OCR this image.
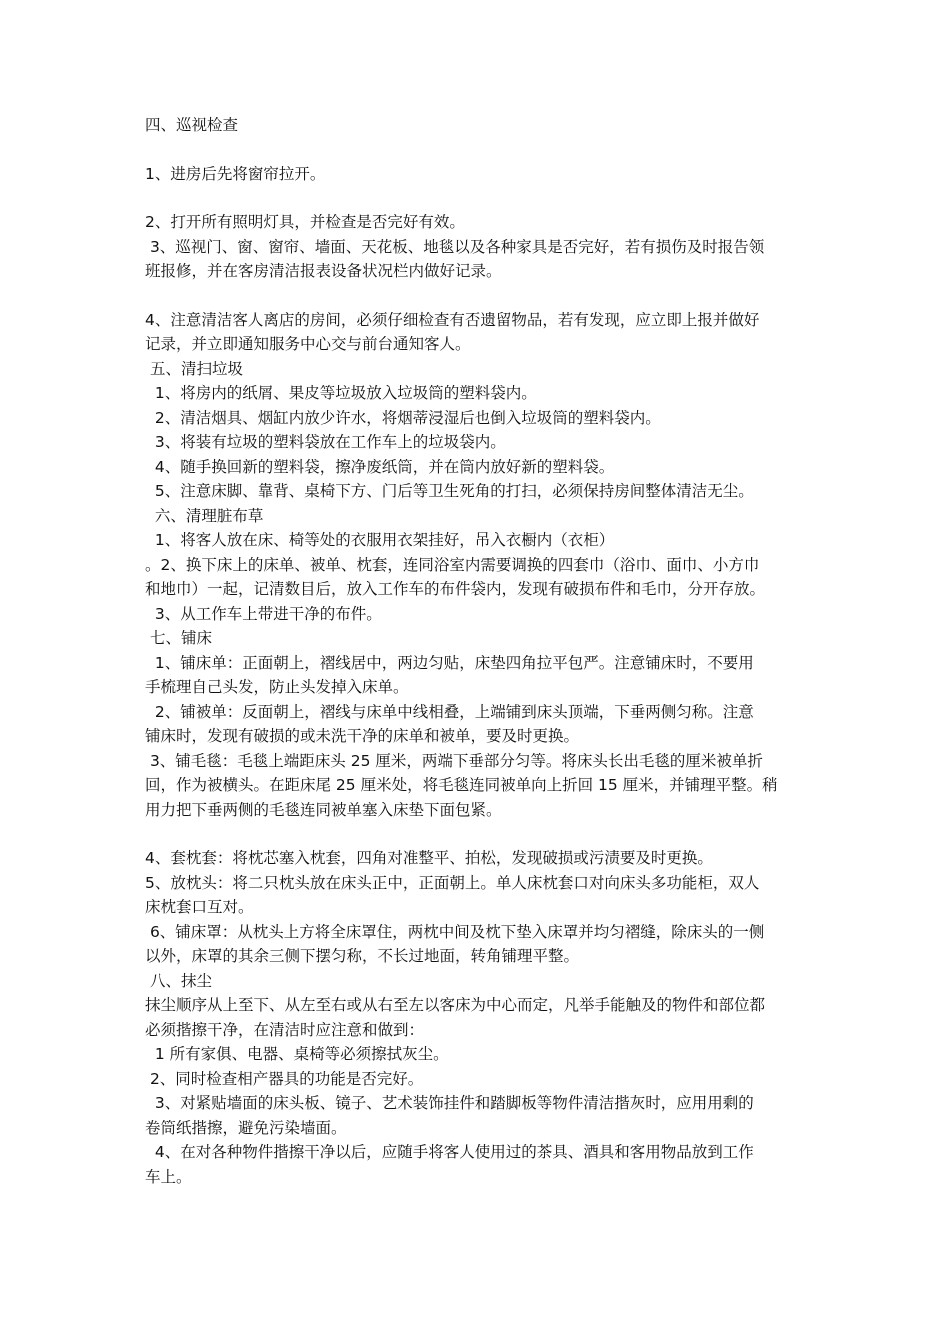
四、巡视检查
1、进房后先将窗帘拉开。
2、打开所有照明灯具，并检查是否完好有效。
3、巡视门、窗、窗帘、墙面、天花板、地毯以及各种家具是否完好，若有损伤及时报告领
班报修，并在客房清洁报表设备状况栏内做好记录。
4、注意清洁客人离店的房间，必须仔细检查有否遗留物品，若有发现，应立即上报并做好
记录，并立即通知服务中心交与前台通知客人。
五、清扫垃圾
1、将房内的纸屑、果皮等垃圾放入垃圾筒的塑料袋内。
2、清洁烟具、烟缸内放少许水，将烟蒂浸湿后也倒入垃圾筒的塑料袋内。
3、将装有垃圾的塑料袋放在工作车上的垃圾袋内。
4、随手换回新的塑料袋，擦净废纸筒，并在筒内放好新的塑料袋。
5、注意床脚、靠背、桌椅下方、门后等卫生死角的打扫，必须保持房间整体清洁无尘。
六、清理脏布草
1、将客人放在床、椅等处的衣服用衣架挂好，吊入衣橱内（衣柜）
。2、换下床上的床单、被单、枕套，连同浴室内需要调换的四套巾（浴巾、面巾、小方巾
和地巾）一起，记清数目后，放入工作车的布件袋内，发现有破损布件和毛巾，分开存放。
3、从工作车上带进干净的布件。
七、铺床
1、铺床单：正面朝上，褶线居中，两边匀贴，床垫四角拉平包严。注意铺床时，不要用
手梳理自己头发，防止头发掉入床单。
2、铺被单：反面朝上，褶线与床单中线相叠，上端铺到床头顶端，下垂两侧匀称。注意
铺床时，发现有破损的或未洗干净的床单和被单，要及时更换。
3、铺毛毯：毛毯上端距床头 25 厘米，两端下垂部分匀等。将床头长出毛毯的厘米被单折
回，作为被横头。在距床尾 25 厘米处，将毛毯连同被单向上折回 15 厘米，并铺理平整。稍
用力把下垂两侧的毛毯连同被单塞入床垫下面包紧。
4、套枕套：将枕芯塞入枕套，四角对准整平、拍松，发现破损或污渍要及时更换。
5、放枕头：将二只枕头放在床头正中，正面朝上。单人床枕套口对向床头多功能柜，双人
床枕套口互对。
6、铺床罩：从枕头上方将全床罩住，两枕中间及枕下垫入床罩并均匀褶缝，除床头的一侧
以外，床罩的其余三侧下摆匀称，不长过地面，转角铺理平整。
八、抹尘
抹尘顺序从上至下、从左至右或从右至左以客床为中心而定，凡举手能触及的物件和部位都
必须揩擦干净，在清洁时应注意和做到：
1 所有家俱、电器、桌椅等必须擦拭灰尘。
2、同时检查相产器具的功能是否完好。
3、对紧贴墙面的床头板、镜子、艺术装饰挂件和踏脚板等物件清洁揩灰时，应用用剩的
卷筒纸揩擦，避免污染墙面。
4、在对各种物件揩擦干净以后，应随手将客人使用过的茶具、酒具和客用物品放到工作
车上。
